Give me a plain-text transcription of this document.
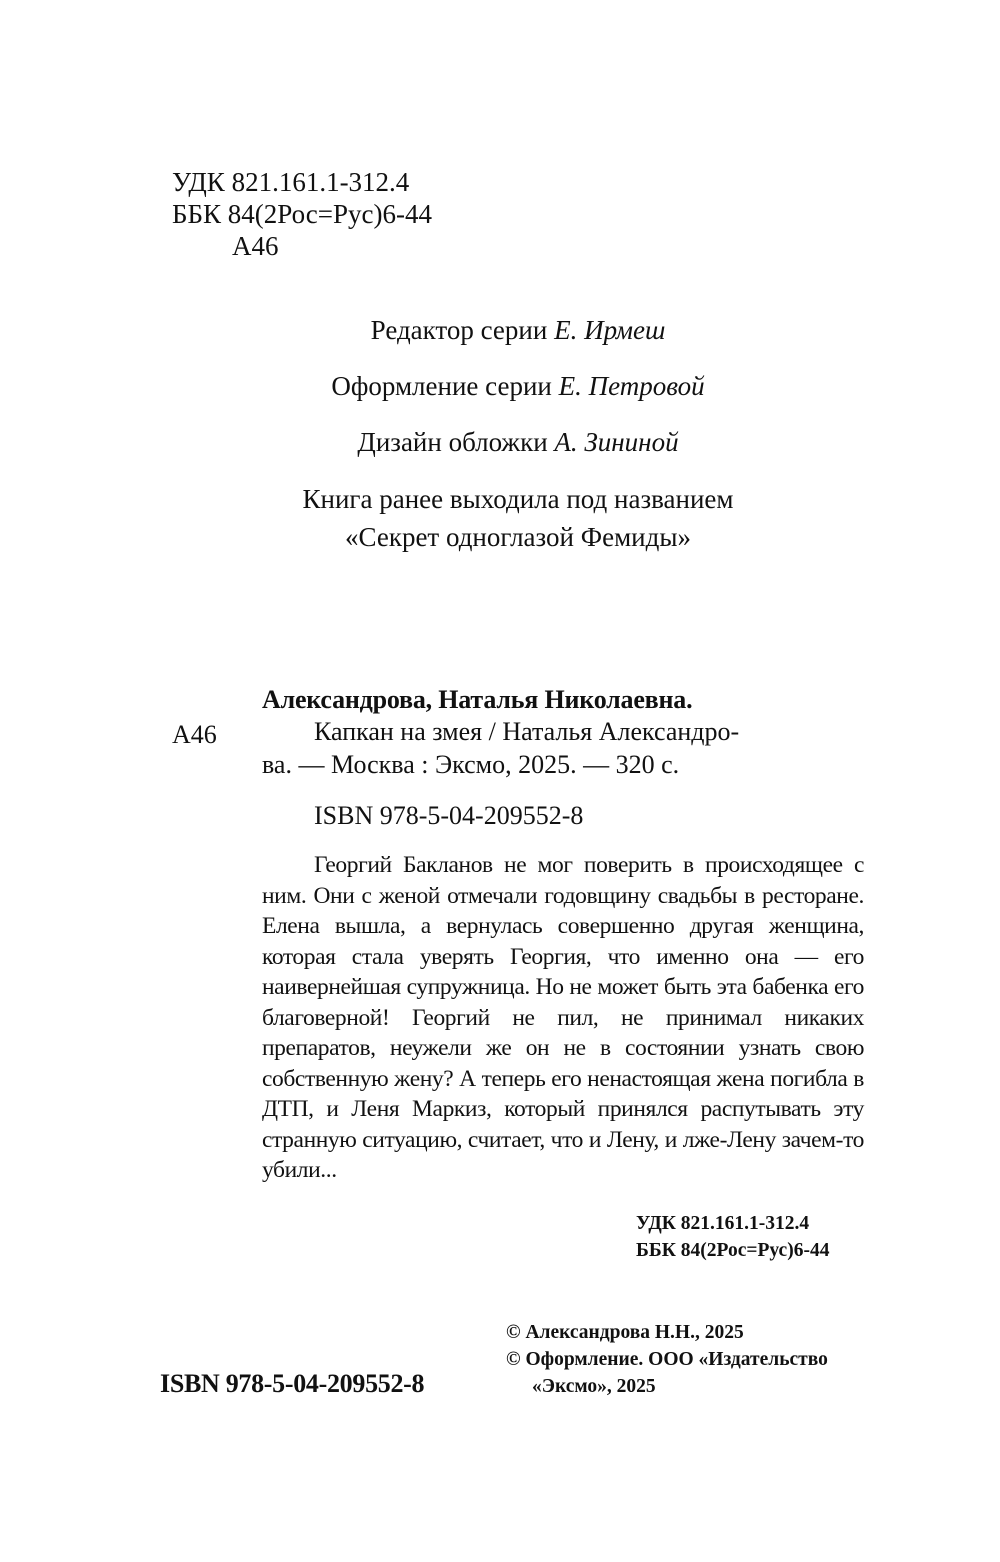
УДК 821.161.1-312.4
ББК 84(2Рос=Рус)6-44
А46
Редактор серии Е. Ирмеш
Оформление серии Е. Петровой
Дизайн обложки А. Зининой
Книга ранее выходила под названием
«Секрет одноглазой Фемиды»
Александрова, Наталья Николаевна.
А46	Капкан на змея / Наталья Александро-
ва. — Москва : Эксмо, 2025. — 320 с.
ISBN 978-5-04-209552-8

Георгий Бакланов не мог поверить в происходящее с ним. Они с женой отмечали годовщину свадьбы в ресторане. Елена вышла, а вернулась совершенно другая женщина, которая стала уверять Георгия, что именно она — его наивернейшая супружница. Но не может быть эта бабенка его благоверной! Георгий не пил, не принимал никаких препаратов, неужели же он не в состоянии узнать свою собственную жену? А теперь его ненастоящая жена погибла в ДТП, и Леня Маркиз, который принялся распутывать эту странную ситуацию, считает, что и Лену, и лже-Лену зачем-то убили...

УДК 821.161.1-312.4
ББК 84(2Рос=Рус)6-44
ISBN 978-5-04-209552-8
© Александрова Н.Н., 2025
© Оформление. ООО «Издательство
«Эксмо», 2025
